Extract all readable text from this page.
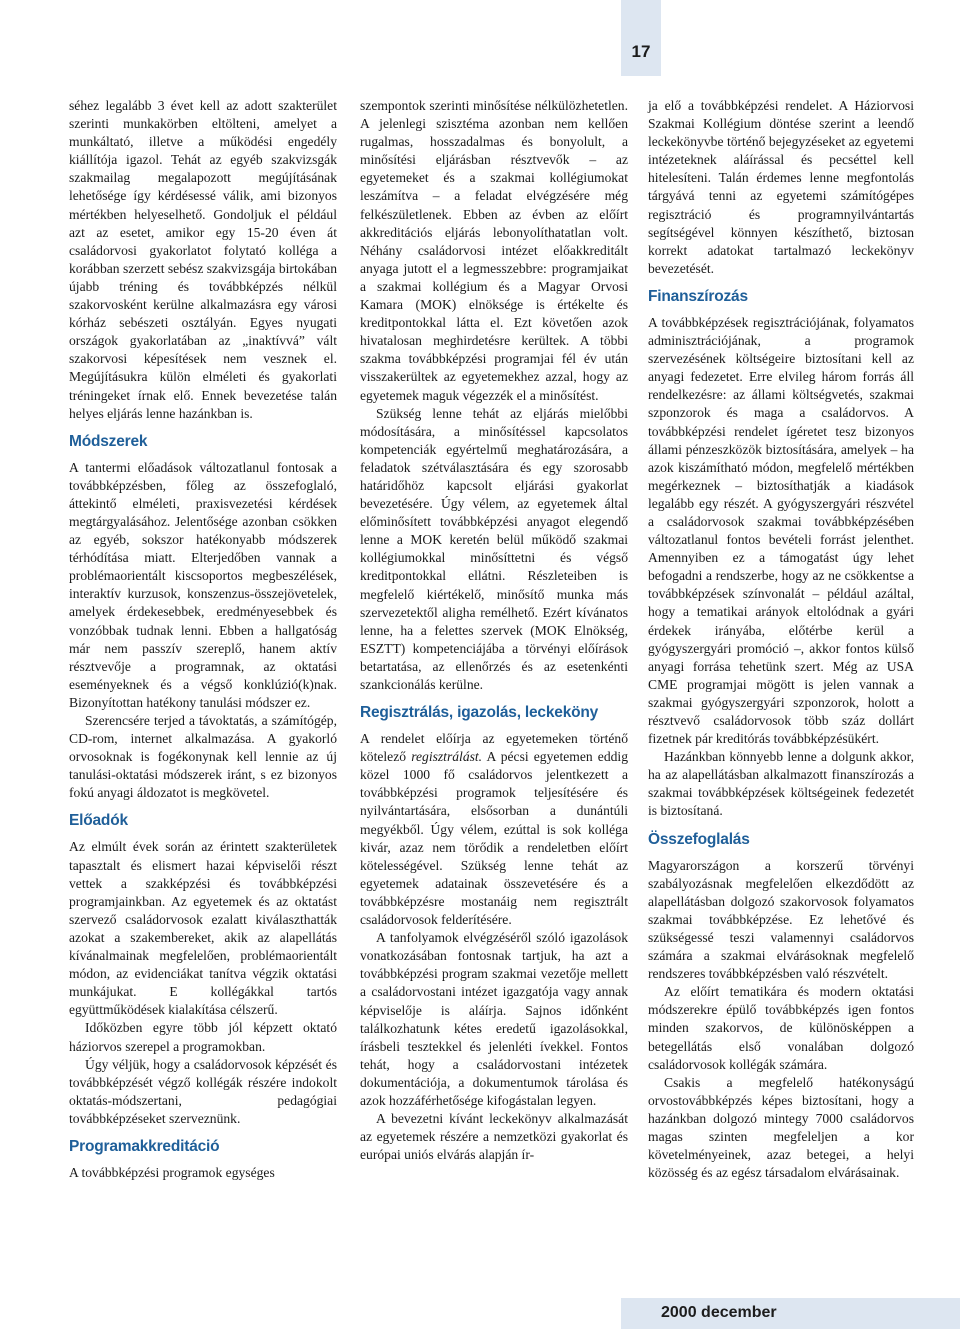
17

séhez legalább 3 évet kell az adott szakterület szerinti munkakörben eltölteni, amelyet a munkáltató, illetve a működési engedély kiállítója igazol. Tehát az egyéb szakvizsgák szakmailag megalapozott megújításának lehetősége így kérdésessé válik, ami bizonyos mértékben helyeselhető. Gondoljuk el például azt az esetet, amikor egy 15-20 éven át családorvosi gyakorlatot folytató kolléga a korábban szerzett sebész szakvizsgája birtokában újabb tréning és továbbképzés nélkül szakorvosként kerülne alkalmazásra egy városi kórház sebészeti osztályán. Egyes nyugati országok gyakorlatában az „inaktívvá” vált szakorvosi képesítések nem vesznek el. Megújításukra külön elméleti és gyakorlati tréningeket írnak elő. Ennek bevezetése talán helyes eljárás lenne hazánkban is.

Módszerek

A tantermi előadások változatlanul fontosak a továbbképzésben, főleg az összefoglaló, áttekintő elméleti, praxisvezetési kérdések megtárgyalásához. Jelentősége azonban csökken az egyéb, sokszor hatékonyabb módszerek térhódítása miatt. Elterjedőben vannak a problémaorientált kiscsoportos megbeszélések, interaktív kurzusok, konszenzus-összejövetelek, amelyek érdekesebbek, eredményesebbek és vonzóbbak tudnak lenni. Ebben a hallgatóság már nem passzív szereplő, hanem aktív résztvevője a programnak, az oktatási eseményeknek és a végső konklúzió(k)nak. Bizonyítottan hatékony tanulási módszer ez.

Szerencsére terjed a távoktatás, a számítógép, CD-rom, internet alkalmazása. A gyakorló orvosoknak is fogékonynak kell lennie az új tanulási-oktatási módszerek iránt, s ez bizonyos fokú anyagi áldozatot is megkövetel.

Előadók

Az elmúlt évek során az érintett szakterületek tapasztalt és elismert hazai képviselői részt vettek a szakképzési és továbbképzési programjainkban. Az egyetemek és az oktatást szervező családorvosok ezalatt kiválaszthatták azokat a szakembereket, akik az alapellátás kívánalmainak megfelelően, problémaorientált módon, az evidenciákat tanítva végzik oktatási munkájukat. E kollégákkal tartós együttműködések kialakítása célszerű.

Időközben egyre több jól képzett oktató háziorvos szerepel a programokban.

Úgy véljük, hogy a családorvosok képzését és továbbképzését végző kollégák részére indokolt oktatás-módszertani, pedagógiai továbbképzéseket szerveznünk.

Programakkreditáció

A továbbképzési programok egységes

szempontok szerinti minősítése nélkülözhetetlen. A jelenlegi szisztéma azonban nem kellően rugalmas, hosszadalmas és bonyolult, a minősítési eljárásban résztvevők – az egyetemeket és a szakmai kollégiumokat leszámítva – a feladat elvégzésére még felkészületlenek. Ebben az évben az előírt akkreditációs eljárás lebonyolíthatatlan volt. Néhány családorvosi intézet előakkreditált anyaga jutott el a legmesszebbre: programjaikat a szakmai kollégium és a Magyar Orvosi Kamara (MOK) elnöksége is értékelte és kreditpontokkal látta el. Ezt követően azok hivatalosan meghirdetésre kerültek. A többi szakma továbbképzési programjai fél év után visszakerültek az egyetemekhez azzal, hogy az egyetemek maguk végezzék el a minősítést.

Szükség lenne tehát az eljárás mielőbbi módosítására, a minősítéssel kapcsolatos kompetenciák egyértelmű meghatározására, a feladatok szétválasztására és egy szorosabb határidőhöz kapcsolt eljárási gyakorlat bevezetésére. Úgy vélem, az egyetemek által előminősített továbbképzési anyagot elegendő lenne a MOK keretén belül működő szakmai kollégiumokkal minősíttetni és végső kreditpontokkal ellátni. Részleteiben is megfelelő kiértékelő, minősítő munka más szervezetektől aligha remélhető. Ezért kívánatos lenne, ha a felettes szervek (MOK Elnökség, ESZTT) kompetenciájába a törvényi előírások betartatása, az ellenőrzés és az esetenkénti szankcionálás kerülne.

Regisztrálás, igazolás, leckeköny

A rendelet előírja az egyetemeken történő kötelező regisztrálást. A pécsi egyetemen eddig közel 1000 fő családorvos jelentkezett a továbbképzési programok teljesítésére és nyilvántartására, elsősorban a dunántúli megyékből. Úgy vélem, ezúttal is sok kolléga kivár, azaz nem törődik a rendeletben előírt kötelességével. Szükség lenne tehát az egyetemek adatainak összevetésére és a továbbképzésre mostanáig nem regisztrált családorvosok felderítésére.

A tanfolyamok elvégzéséről szóló igazolások vonatkozásában fontosnak tartjuk, ha azt a továbbképzési program szakmai vezetője mellett a családorvostani intézet igazgatója vagy annak képviselője is aláírja. Sajnos időnként találkozhatunk kétes eredetű igazolásokkal, írásbeli tesztekkel és jelenléti ívekkel. Fontos tehát, hogy a családorvostani intézetek dokumentációja, a dokumentumok tárolása és azok hozzáférhetősége kifogástalan legyen.

A bevezetni kívánt leckekönyv alkalmazását az egyetemek részére a nemzetközi gyakorlat és európai uniós elvárás alapján ír-

ja elő a továbbképzési rendelet. A Háziorvosi Szakmai Kollégium döntése szerint a leendő leckekönyvbe történő bejegyzéseket az egyetemi intézeteknek aláírással és pecséttel kell hitelesíteni. Talán érdemes lenne megfontolás tárgyává tenni az egyetemi számítógépes regisztráció és programnyilvántartás segítségével könnyen készíthető, biztosan korrekt adatokat tartalmazó leckekönyv bevezetését.

Finanszírozás

A továbbképzések regisztrációjának, folyamatos adminisztrációjának, a programok szervezésének költségeire biztosítani kell az anyagi fedezetet. Erre elvileg három forrás áll rendelkezésre: az állami költségvetés, szakmai szponzorok és maga a családorvos. A továbbképzési rendelet ígéretet tesz bizonyos állami pénzeszközök biztosítására, amelyek – ha azok kiszámítható módon, megfelelő mértékben megérkeznek – biztosíthatják a kiadások legalább egy részét. A gyógyszergyári részvétel a családorvosok szakmai továbbképzésében változatlanul fontos bevételi forrást jelenthet. Amennyiben ez a támogatást úgy lehet befogadni a rendszerbe, hogy az ne csökkentse a továbbképzések színvonalát – például azáltal, hogy a tematikai arányok eltolódnak a gyári érdekek irányába, előtérbe kerül a gyógyszergyári promóció –, akkor fontos külső anyagi forrása tehetünk szert. Még az USA CME programjai mögött is jelen vannak a szakmai gyógyszergyári szponzorok, holott a résztvevő családorvosok több száz dollárt fizetnek pár kreditórás továbbképzésükért.

Hazánkban könnyebb lenne a dolgunk akkor, ha az alapellátásban alkalmazott finanszírozás a szakmai továbbképzések költségeinek fedezetét is biztosítaná.

Összefoglalás

Magyarországon a korszerű törvényi szabályozásnak megfelelően elkezdődött az alapellátásban dolgozó szakorvosok folyamatos szakmai továbbképzése. Ez lehetővé és szükségessé teszi valamennyi családorvos számára a szakmai elvárásoknak megfelelő rendszeres továbbképzésben való részvételt.

Az előírt tematikára és modern oktatási módszerekre épülő továbbképzés igen fontos minden szakorvos, de különösképpen a betegellátás első vonalában dolgozó családorvosok kollégák számára.

Csakis a megfelelő hatékonyságú orvostovábbképzés képes biztosítani, hogy a hazánkban dolgozó mintegy 7000 családorvos magas szinten megfeleljen a kor követelményeinek, azaz betegei, a helyi közösség és az egész társadalom elvárásainak.

2000 december
